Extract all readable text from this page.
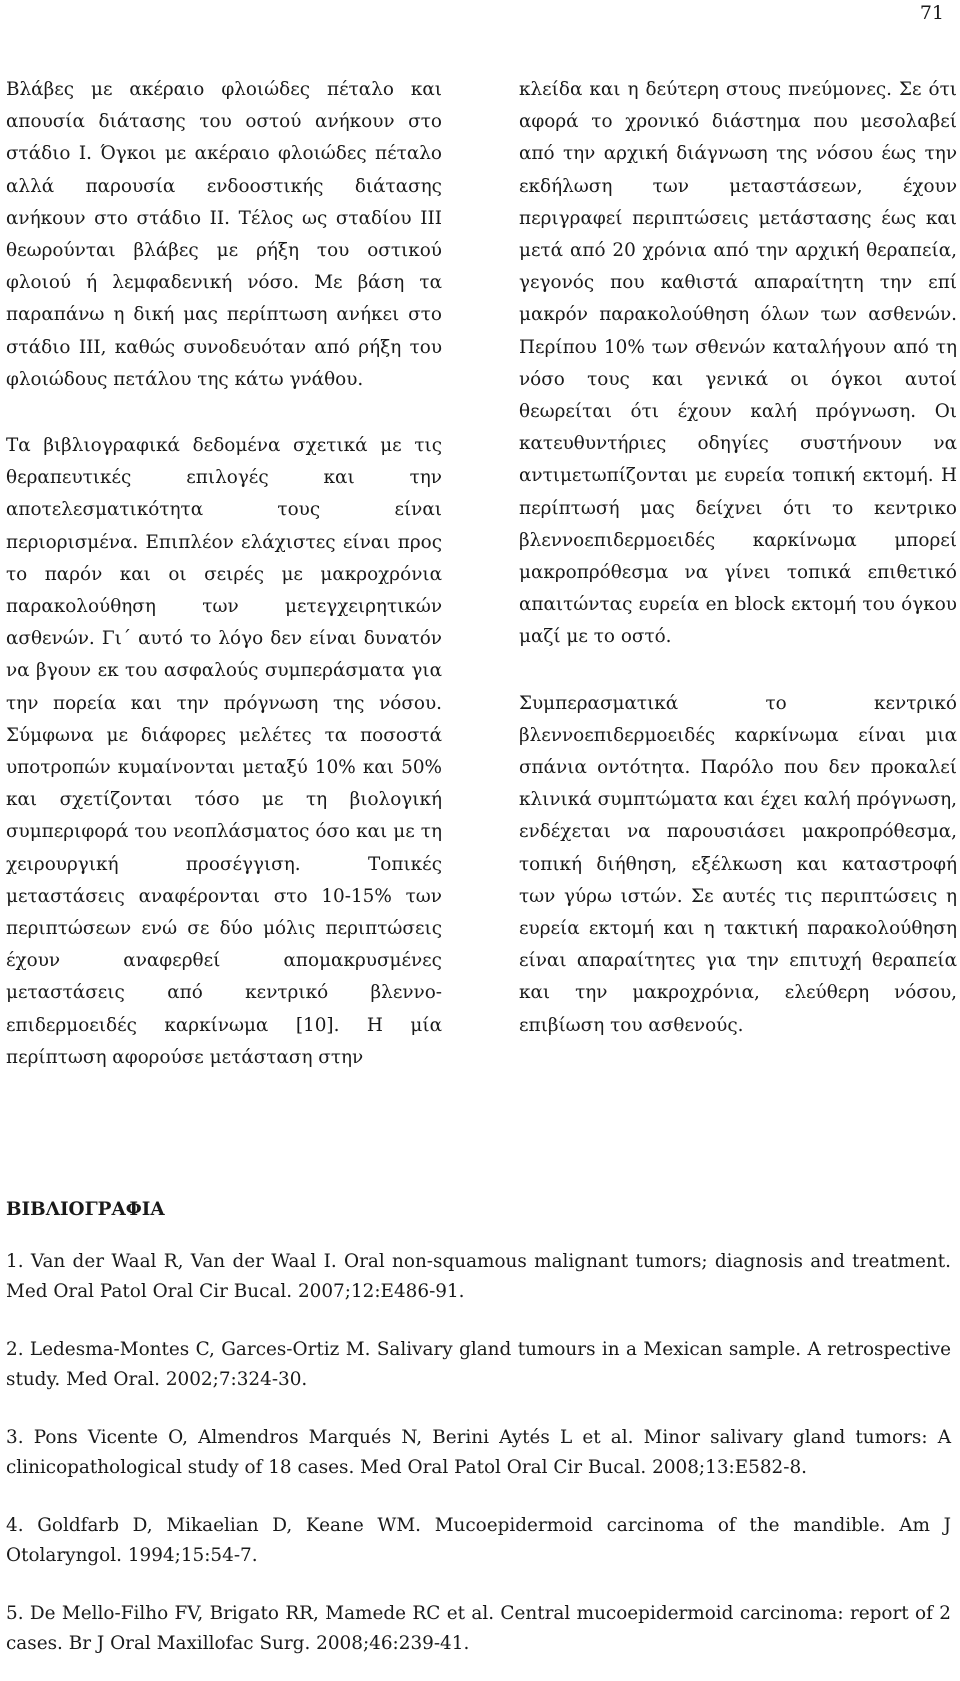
71

Βλάβες με ακέραιο φλοιώδες πέταλο και απουσία διάτασης του οστού ανήκουν στο στάδιο Ι. Όγκοι με ακέραιο φλοιώδες πέταλο αλλά παρουσία ενδοοστικής διάτασης ανήκουν στο στάδιο ΙΙ. Τέλος ως σταδίου ΙΙΙ θεωρούνται βλάβες με ρήξη του οστικού φλοιού ή λεμφαδενική νόσο. Με βάση τα παραπάνω η δική μας περίπτωση ανήκει στο στάδιο ΙΙΙ, καθώς συνοδευόταν από ρήξη του φλοιώδους πετάλου της κάτω γνάθου.

Τα βιβλιογραφικά δεδομένα σχετικά με τις θεραπευτικές επιλογές και την αποτελεσματικότητα τους είναι περιορισμένα. Επιπλέον ελάχιστες είναι προς το παρόν και οι σειρές με μακροχρόνια παρακολούθηση των μετεγχειρητικών ασθενών. Γι΄ αυτό το λόγο δεν είναι δυνατόν να βγουν εκ του ασφαλούς συμπεράσματα για την πορεία και την πρόγνωση της νόσου. Σύμφωνα με διάφορες μελέτες τα ποσοστά υποτροπών κυμαίνονται μεταξύ 10% και 50% και σχετίζονται τόσο με τη βιολογική συμπεριφορά του νεοπλάσματος όσο και με τη χειρουργική προσέγγιση. Τοπικές μεταστάσεις αναφέρονται στο 10-15% των περιπτώσεων ενώ σε δύο μόλις περιπτώσεις έχουν αναφερθεί απομακρυσμένες μεταστάσεις από κεντρικό βλεννο-επιδερμοειδές καρκίνωμα [10]. Η μία περίπτωση αφορούσε μετάσταση στην

κλείδα και η δεύτερη στους πνεύμονες. Σε ότι αφορά το χρονικό διάστημα που μεσολαβεί από την αρχική διάγνωση της νόσου έως την εκδήλωση των μεταστάσεων, έχουν περιγραφεί περιπτώσεις μετάστασης έως και μετά από 20 χρόνια από την αρχική θεραπεία, γεγονός που καθιστά απαραίτητη την επί μακρόν παρακολούθηση όλων των ασθενών. Περίπου 10% των σθενών καταλήγουν από τη νόσο τους και γενικά οι όγκοι αυτοί θεωρείται ότι έχουν καλή πρόγνωση. Οι κατευθυντήριες οδηγίες συστήνουν να αντιμετωπίζονται με ευρεία τοπική εκτομή. Η περίπτωσή μας δείχνει ότι το κεντρικο βλεννοεπιδερμοειδές καρκίνωμα μπορεί μακροπρόθεσμα να γίνει τοπικά επιθετικό απαιτώντας ευρεία en block εκτομή του όγκου μαζί με το οστό.

Συμπερασματικά το κεντρικό βλεννοεπιδερμοειδές καρκίνωμα είναι μια σπάνια οντότητα. Παρόλο που δεν προκαλεί κλινικά συμπτώματα και έχει καλή πρόγνωση, ενδέχεται να παρουσιάσει μακροπρόθεσμα, τοπική διήθηση, εξέλκωση και καταστροφή των γύρω ιστών. Σε αυτές τις περιπτώσεις η ευρεία εκτομή και η τακτική παρακολούθηση είναι απαραίτητες για την επιτυχή θεραπεία και την μακροχρόνια, ελεύθερη νόσου, επιβίωση του ασθενούς.

ΒΙΒΛΙΟΓΡΑΦΙΑ
1. Van der Waal R, Van der Waal I. Oral non-squamous malignant tumors; diagnosis and treatment. Med Oral Patol Oral Cir Bucal. 2007;12:E486-91.
2. Ledesma-Montes C, Garces-Ortiz M. Salivary gland tumours in a Mexican sample. A retrospective study. Med Oral. 2002;7:324-30.
3. Pons Vicente O, Almendros Marqués N, Berini Aytés L et al. Minor salivary gland tumors: A clinicopathological study of 18 cases. Med Oral Patol Oral Cir Bucal. 2008;13:E582-8.
4. Goldfarb D, Mikaelian D, Keane WM. Mucoepidermoid carcinoma of the mandible. Am J Otolaryngol. 1994;15:54-7.
5. De Mello-Filho FV, Brigato RR, Mamede RC et al. Central mucoepidermoid carcinoma: report of 2 cases. Br J Oral Maxillofac Surg. 2008;46:239-41.
